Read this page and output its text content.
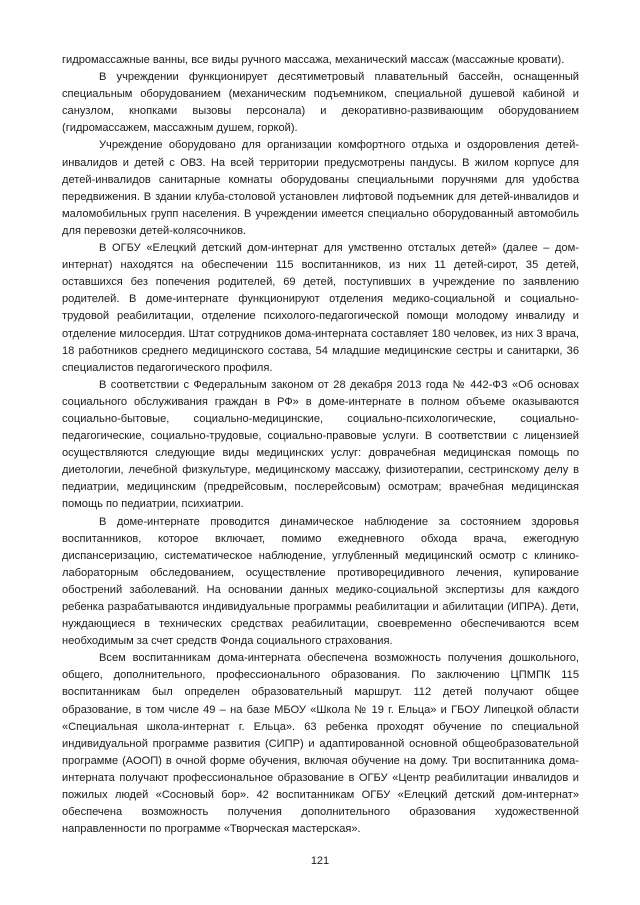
гидромассажные ванны, все виды ручного массажа, механический массаж (массажные кровати).

В учреждении функционирует десятиметровый плавательный бассейн, оснащенный специальным оборудованием (механическим подъемником, специальной душевой кабиной и санузлом, кнопками вызовы персонала) и декоративно-развивающим оборудованием (гидромассажем, массажным душем, горкой).

Учреждение оборудовано для организации комфортного отдыха и оздоровления детей-инвалидов и детей с ОВЗ. На всей территории предусмотрены пандусы. В жилом корпусе для детей-инвалидов санитарные комнаты оборудованы специальными поручнями для удобства передвижения. В здании клуба-столовой установлен лифтовой подъемник для детей-инвалидов и маломобильных групп населения. В учреждении имеется специально оборудованный автомобиль для перевозки детей-колясочников.

В ОГБУ «Елецкий детский дом-интернат для умственно отсталых детей» (далее – дом-интернат) находятся на обеспечении 115 воспитанников, из них 11 детей-сирот, 35 детей, оставшихся без попечения родителей, 69 детей, поступивших в учреждение по заявлению родителей. В доме-интернате функционируют отделения медико-социальной и социально-трудовой реабилитации, отделение психолого-педагогической помощи молодому инвалиду и отделение милосердия. Штат сотрудников дома-интерната составляет 180 человек, из них 3 врача, 18 работников среднего медицинского состава, 54 младшие медицинские сестры и санитарки, 36 специалистов педагогического профиля.

В соответствии с Федеральным законом от 28 декабря 2013 года № 442-ФЗ «Об основах социального обслуживания граждан в РФ» в доме-интернате в полном объеме оказываются социально-бытовые, социально-медицинские, социально-психологические, социально-педагогические, социально-трудовые, социально-правовые услуги. В соответствии с лицензией осуществляются следующие виды медицинских услуг: доврачебная медицинская помощь по диетологии, лечебной физкультуре, медицинскому массажу, физиотерапии, сестринскому делу в педиатрии, медицинским (предрейсовым, послерейсовым) осмотрам; врачебная медицинская помощь по педиатрии, психиатрии.

В доме-интернате проводится динамическое наблюдение за состоянием здоровья воспитанников, которое включает, помимо ежедневного обхода врача, ежегодную диспансеризацию, систематическое наблюдение, углубленный медицинский осмотр с клинико-лабораторным обследованием, осуществление противорецидивного лечения, купирование обострений заболеваний. На основании данных медико-социальной экспертизы для каждого ребенка разрабатываются индивидуальные программы реабилитации и абилитации (ИПРА). Дети, нуждающиеся в технических средствах реабилитации, своевременно обеспечиваются всем необходимым за счет средств Фонда социального страхования.

Всем воспитанникам дома-интерната обеспечена возможность получения дошкольного, общего, дополнительного, профессионального образования. По заключению ЦПМПК 115 воспитанникам был определен образовательный маршрут. 112 детей получают общее образование, в том числе 49 – на базе МБОУ «Школа № 19 г. Ельца» и ГБОУ Липецкой области «Специальная школа-интернат г. Ельца». 63 ребенка проходят обучение по специальной индивидуальной программе развития (СИПР) и адаптированной основной общеобразовательной программе (АООП) в очной форме обучения, включая обучение на дому. Три воспитанника дома-интерната получают профессиональное образование в ОГБУ «Центр реабилитации инвалидов и пожилых людей «Сосновый бор». 42 воспитанникам ОГБУ «Елецкий детский дом-интернат» обеспечена возможность получения дополнительного образования художественной направленности по программе «Творческая мастерская».

121
